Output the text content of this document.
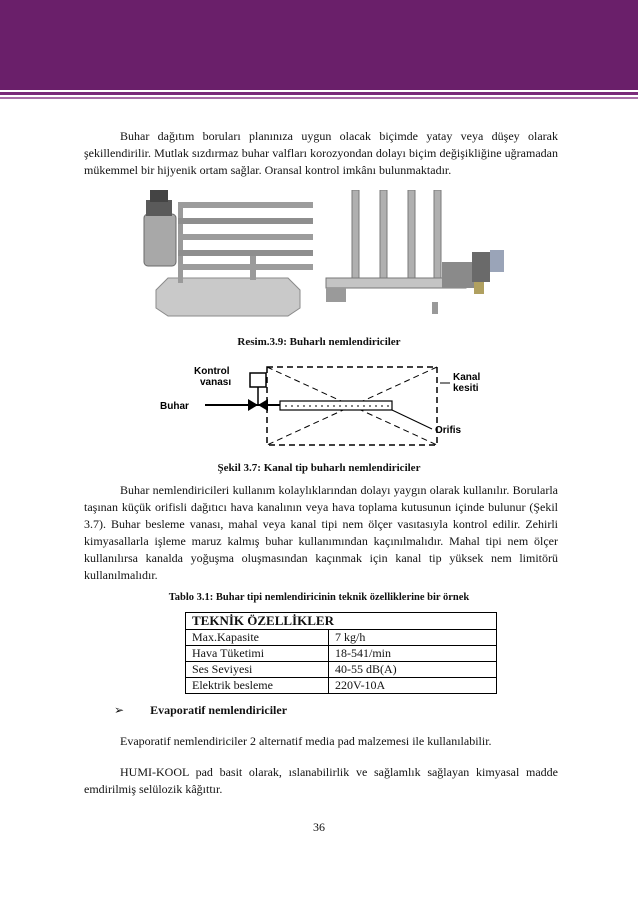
Buhar dağıtım boruları planınıza uygun olacak biçimde yatay veya düşey olarak şekillendirilir. Mutlak sızdırmaz buhar valfları korozyondan dolayı biçim değişikliğine uğramadan mükemmel bir hijyenik ortam sağlar. Oransal kontrol imkânı bulunmaktadır.

Resim.3.9: Buharlı nemlendiriciler

Kontrol
vanası
Buhar
Kanal
kesiti
Orifis

Şekil 3.7: Kanal tip buharlı nemlendiriciler

Buhar nemlendiricileri kullanım kolaylıklarından dolayı yaygın olarak kullanılır. Borularla taşınan küçük orifisli dağıtıcı hava kanalının veya hava toplama kutusunun içinde bulunur (Şekil 3.7). Buhar besleme vanası, mahal veya kanal tipi nem ölçer vasıtasıyla kontrol edilir. Zehirli kimyasallarla işleme maruz kalmış buhar kullanımından kaçınılmalıdır. Mahal tipi nem ölçer kullanılırsa kanalda yoğuşma oluşmasından kaçınmak için kanal tip yüksek nem limitörü kullanılmalıdır.

Tablo 3.1: Buhar tipi nemlendiricinin teknik özelliklerine bir örnek

TEKNİK ÖZELLİKLER	
Max.Kapasite	7 kg/h
Hava Tüketimi	18-541/min
Ses Seviyesi	40-55 dB(A)
Elektrik besleme	220V-10A
➢ Evaporatif nemlendiriciler

Evaporatif nemlendiriciler 2 alternatif media pad malzemesi ile kullanılabilir.

HUMI-KOOL pad basit olarak, ıslanabilirlik ve sağlamlık sağlayan kimyasal madde emdirilmiş selülozik kâğıttır.

36
